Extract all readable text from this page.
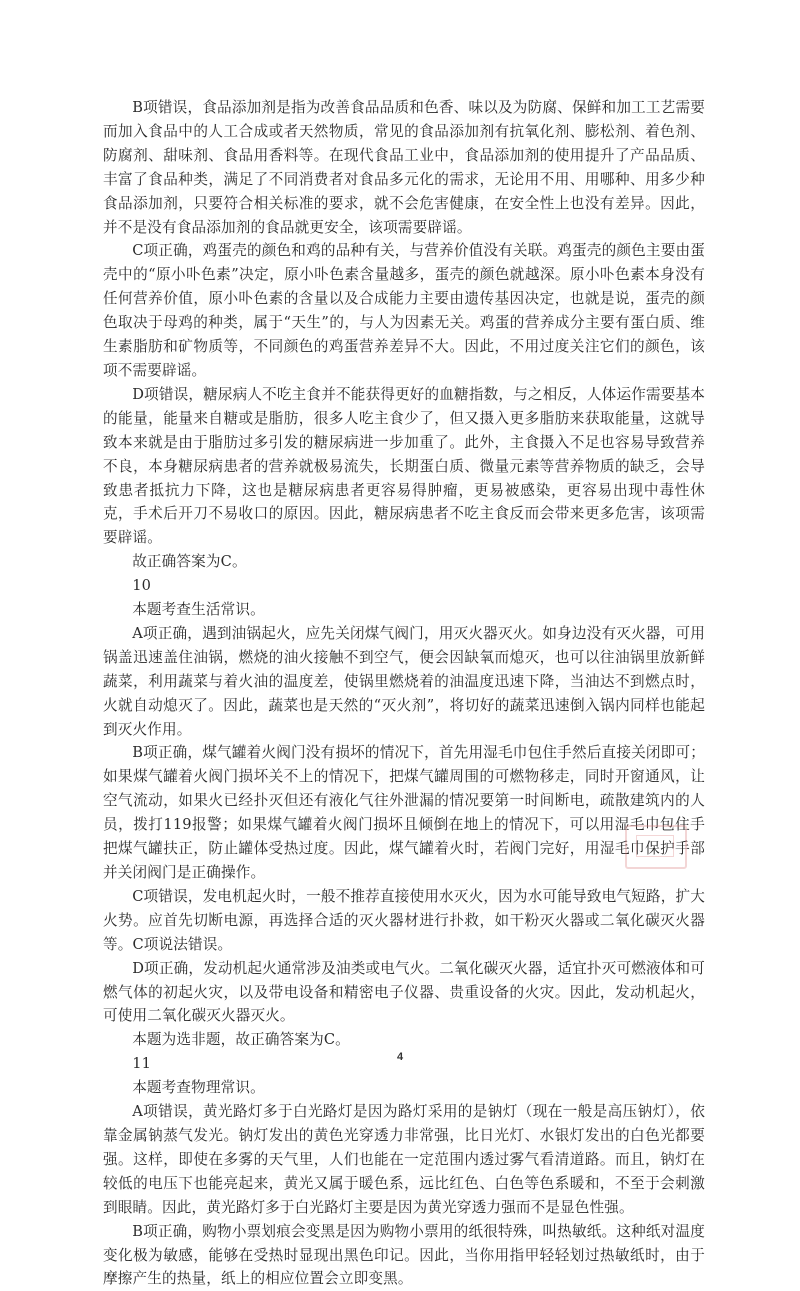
B项错误，食品添加剂是指为改善食品品质和色香、味以及为防腐、保鲜和加工工艺需要而加入食品中的人工合成或者天然物质，常见的食品添加剂有抗氧化剂、膨松剂、着色剂、防腐剂、甜味剂、食品用香料等。在现代食品工业中，食品添加剂的使用提升了产品品质、丰富了食品种类，满足了不同消费者对食品多元化的需求，无论用不用、用哪种、用多少种食品添加剂，只要符合相关标准的要求，就不会危害健康，在安全性上也没有差异。因此，并不是没有食品添加剂的食品就更安全，该项需要辟谣。

C项正确，鸡蛋壳的颜色和鸡的品种有关，与营养价值没有关联。鸡蛋壳的颜色主要由蛋壳中的“原小卟色素”决定，原小卟色素含量越多，蛋壳的颜色就越深。原小卟色素本身没有任何营养价值，原小卟色素的含量以及合成能力主要由遗传基因决定，也就是说，蛋壳的颜色取决于母鸡的种类，属于“天生”的，与人为因素无关。鸡蛋的营养成分主要有蛋白质、维生素脂肪和矿物质等，不同颜色的鸡蛋营养差异不大。因此，不用过度关注它们的颜色，该项不需要辟谣。

D项错误，糖尿病人不吃主食并不能获得更好的血糖指数，与之相反，人体运作需要基本的能量，能量来自糖或是脂肪，很多人吃主食少了，但又摄入更多脂肪来获取能量，这就导致本来就是由于脂肪过多引发的糖尿病进一步加重了。此外，主食摄入不足也容易导致营养不良，本身糖尿病患者的营养就极易流失，长期蛋白质、微量元素等营养物质的缺乏，会导致患者抵抗力下降，这也是糖尿病患者更容易得肿瘤，更易被感染，更容易出现中毒性休克，手术后开刀不易收口的原因。因此，糖尿病患者不吃主食反而会带来更多危害，该项需要辟谣。

故正确答案为C。

10

本题考查生活常识。

A项正确，遇到油锅起火，应先关闭煤气阀门，用灭火器灭火。如身边没有灭火器，可用锅盖迅速盖住油锅，燃烧的油火接触不到空气，便会因缺氧而熄灭，也可以往油锅里放新鲜蔬菜，利用蔬菜与着火油的温度差，使锅里燃烧着的油温度迅速下降，当油达不到燃点时，火就自动熄灭了。因此，蔬菜也是天然的“灭火剂”，将切好的蔬菜迅速倒入锅内同样也能起到灭火作用。

B项正确，煤气罐着火阀门没有损坏的情况下，首先用湿毛巾包住手然后直接关闭即可；如果煤气罐着火阀门损坏关不上的情况下，把煤气罐周围的可燃物移走，同时开窗通风，让空气流动，如果火已经扑灭但还有液化气往外泄漏的情况要第一时间断电，疏散建筑内的人员，拨打119报警；如果煤气罐着火阀门损坏且倾倒在地上的情况下，可以用湿毛巾包住手把煤气罐扶正，防止罐体受热过度。因此，煤气罐着火时，若阀门完好，用湿毛巾保护手部并关闭阀门是正确操作。

C项错误，发电机起火时，一般不推荐直接使用水灭火，因为水可能导致电气短路，扩大火势。应首先切断电源，再选择合适的灭火器材进行扑救，如干粉灭火器或二氧化碳灭火器等。C项说法错误。

D项正确，发动机起火通常涉及油类或电气火。二氧化碳灭火器，适宜扑灭可燃液体和可燃气体的初起火灾，以及带电设备和精密电子仪器、贵重设备的火灾。因此，发动机起火，可使用二氧化碳灭火器灭火。

本题为选非题，故正确答案为C。

11

本题考查物理常识。

A项错误，黄光路灯多于白光路灯是因为路灯采用的是钠灯（现在一般是高压钠灯），依靠金属钠蒸气发光。钠灯发出的黄色光穿透力非常强，比日光灯、水银灯发出的白色光都要强。这样，即使在多雾的天气里，人们也能在一定范围内透过雾气看清道路。而且，钠灯在较低的电压下也能亮起来，黄光又属于暖色系，远比红色、白色等色系暖和，不至于会刺激到眼睛。因此，黄光路灯多于白光路灯主要是因为黄光穿透力强而不是显色性强。

B项正确，购物小票划痕会变黑是因为购物小票用的纸很特殊，叫热敏纸。这种纸对温度变化极为敏感，能够在受热时显现出黑色印记。因此，当你用指甲轻轻划过热敏纸时，由于摩擦产生的热量，纸上的相应位置会立即变黑。

4
